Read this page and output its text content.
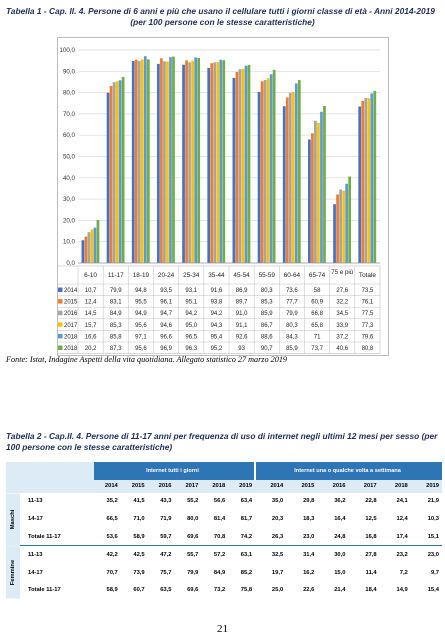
Tabella 1 - Cap. II. 4. Persone di 6 anni e più che usano il cellulare tutti i giorni classe di età - Anni 2014-2019
(per 100 persone con le stesse caratteristiche)
0,0
10,0
20,0
30,0
40,0
50,0
60,0
70,0
80,0
90,0
100,0
6-10 11-17 18-19 20-24 25-34 35-44 45-54 55-59 60-64 65-74 75 e più Totale
2014 10,7 79,9 94,8 93,5 93,1 91,6 86,9 80,3 73,6	58	27,6 73,5
2015 12,4 83,1 95,5 96,1 95,1 93,8 89,7 85,3 77,7 60,9 32,2 76,1
2016 14,5 84,9 94,9 94,7 94,2 94,2 91,0 85,9 79,9 66,8 34,5 77,5
2017 15,7 85,3 95,6 94,6 95,0 94,3 91,1 86,7 80,3 65,8 33,9 77,3
2018 16,6 85,8 97,1 96,6 96,5 95,4 92,6 88,6 84,3	71	37,2 79,6
2018 20,2 87,3 95,6 96,9 96,3 95,2	93	90,7 85,9 73,7 40,6 80,8
Fonte: Istat, Indagine Aspetti della vita quotidiana. Allegato statistico 27 marzo 2019
Tabella 2 - Cap.II. 4. Persone di 11-17 anni per frequenza di uso di internet negli ultimi 12 mesi per sesso (per 100 persone con le stesse caratteristiche)
		Internet tutti i giorni						Internet una o qualche volta a settimana					
		2014	2015	2016	2017	2018	2019	2014	2015	2016	2017	2018	2019
Maschi	11-13	35,2	41,5	43,3	55,2	56,6	63,4	35,0	29,8	36,2	22,8	24,1	21,9
	14-17	66,5	71,0	71,9	80,0	81,4	81,7	20,3	18,3	16,4	12,5	12,4	10,3
	Totale 11-17	53,6	58,9	59,7	69,6	70,8	74,2	26,3	23,0	24,8	16,8	17,4	15,1
Femmine	11-13	42,2	42,5	47,2	55,7	57,2	63,1	32,5	31,4	30,0	27,8	23,2	23,0
	14-17	70,7	73,9	75,7	79,9	84,9	85,2	19,7	16,2	15,0	11,4	7,2	9,7
	Totale 11-17	58,9	60,7	63,5	69,6	73,2	75,8	25,0	22,6	21,4	18,4	14,9	15,4
21
